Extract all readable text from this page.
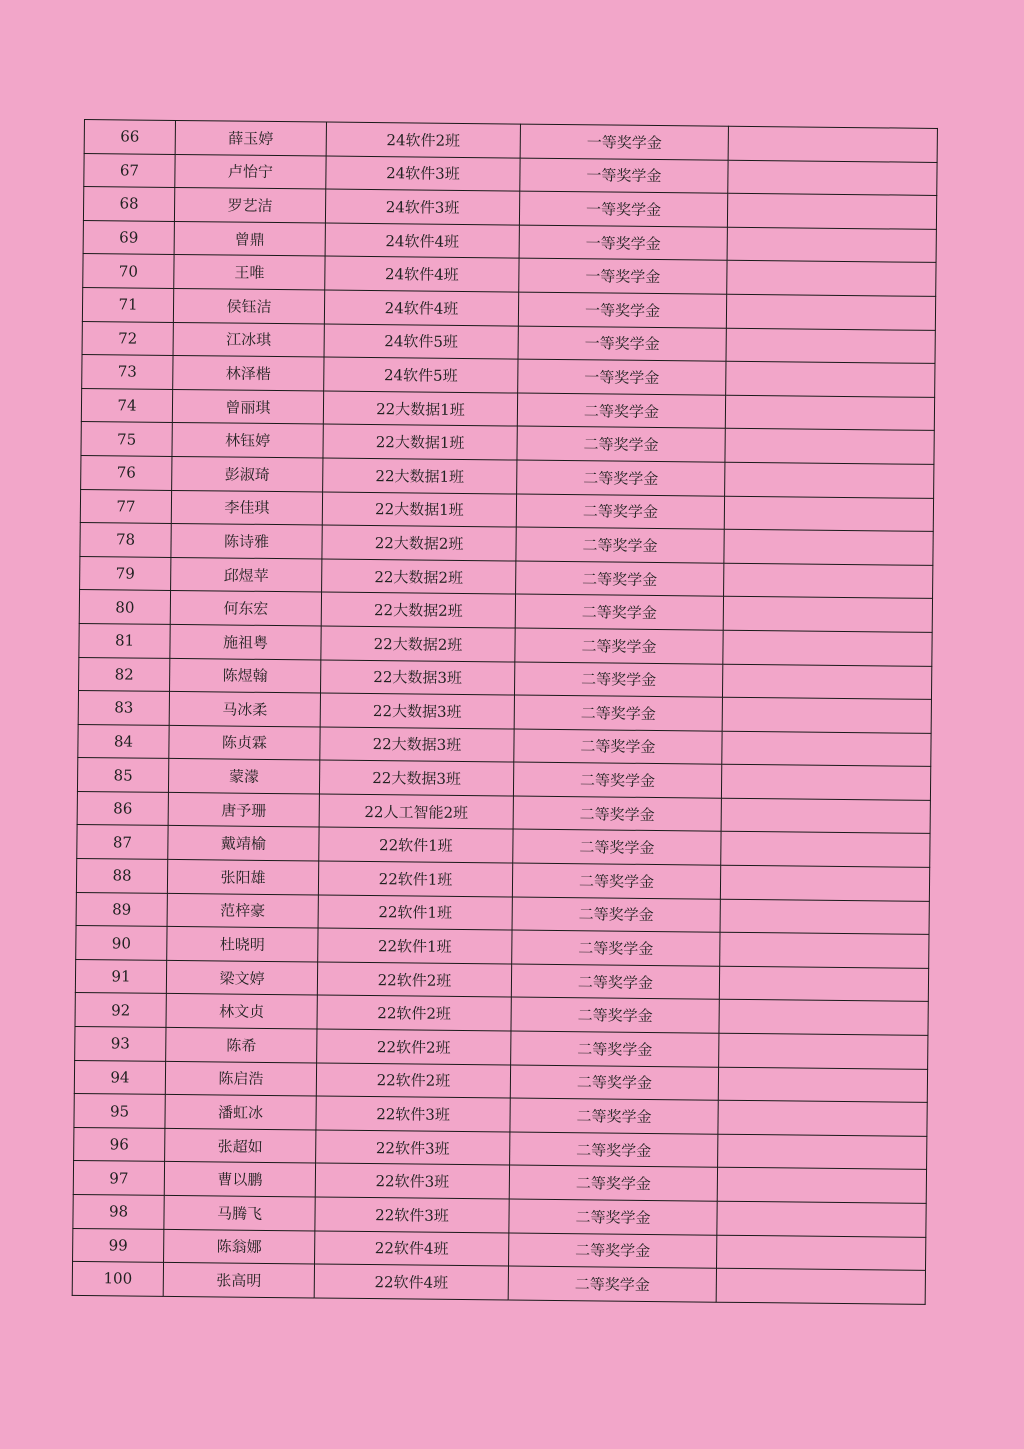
66	薛玉婷	24软件2班	一等奖学金	
67	卢怡宁	24软件3班	一等奖学金	
68	罗艺洁	24软件3班	一等奖学金	
69	曾鼎	24软件4班	一等奖学金	
70	王唯	24软件4班	一等奖学金	
71	侯钰洁	24软件4班	一等奖学金	
72	江冰琪	24软件5班	一等奖学金	
73	林泽楷	24软件5班	一等奖学金	
74	曾丽琪	22大数据1班	二等奖学金	
75	林钰婷	22大数据1班	二等奖学金	
76	彭淑琦	22大数据1班	二等奖学金	
77	李佳琪	22大数据1班	二等奖学金	
78	陈诗雅	22大数据2班	二等奖学金	
79	邱煜苹	22大数据2班	二等奖学金	
80	何东宏	22大数据2班	二等奖学金	
81	施祖粤	22大数据2班	二等奖学金	
82	陈煜翰	22大数据3班	二等奖学金	
83	马冰柔	22大数据3班	二等奖学金	
84	陈贞霖	22大数据3班	二等奖学金	
85	蒙濛	22大数据3班	二等奖学金	
86	唐予珊	22人工智能2班	二等奖学金	
87	戴靖榆	22软件1班	二等奖学金	
88	张阳雄	22软件1班	二等奖学金	
89	范梓豪	22软件1班	二等奖学金	
90	杜晓明	22软件1班	二等奖学金	
91	梁文婷	22软件2班	二等奖学金	
92	林文贞	22软件2班	二等奖学金	
93	陈希	22软件2班	二等奖学金	
94	陈启浩	22软件2班	二等奖学金	
95	潘虹冰	22软件3班	二等奖学金	
96	张超如	22软件3班	二等奖学金	
97	曹以鹏	22软件3班	二等奖学金	
98	马腾飞	22软件3班	二等奖学金	
99	陈翁娜	22软件4班	二等奖学金	
100	张高明	22软件4班	二等奖学金	
